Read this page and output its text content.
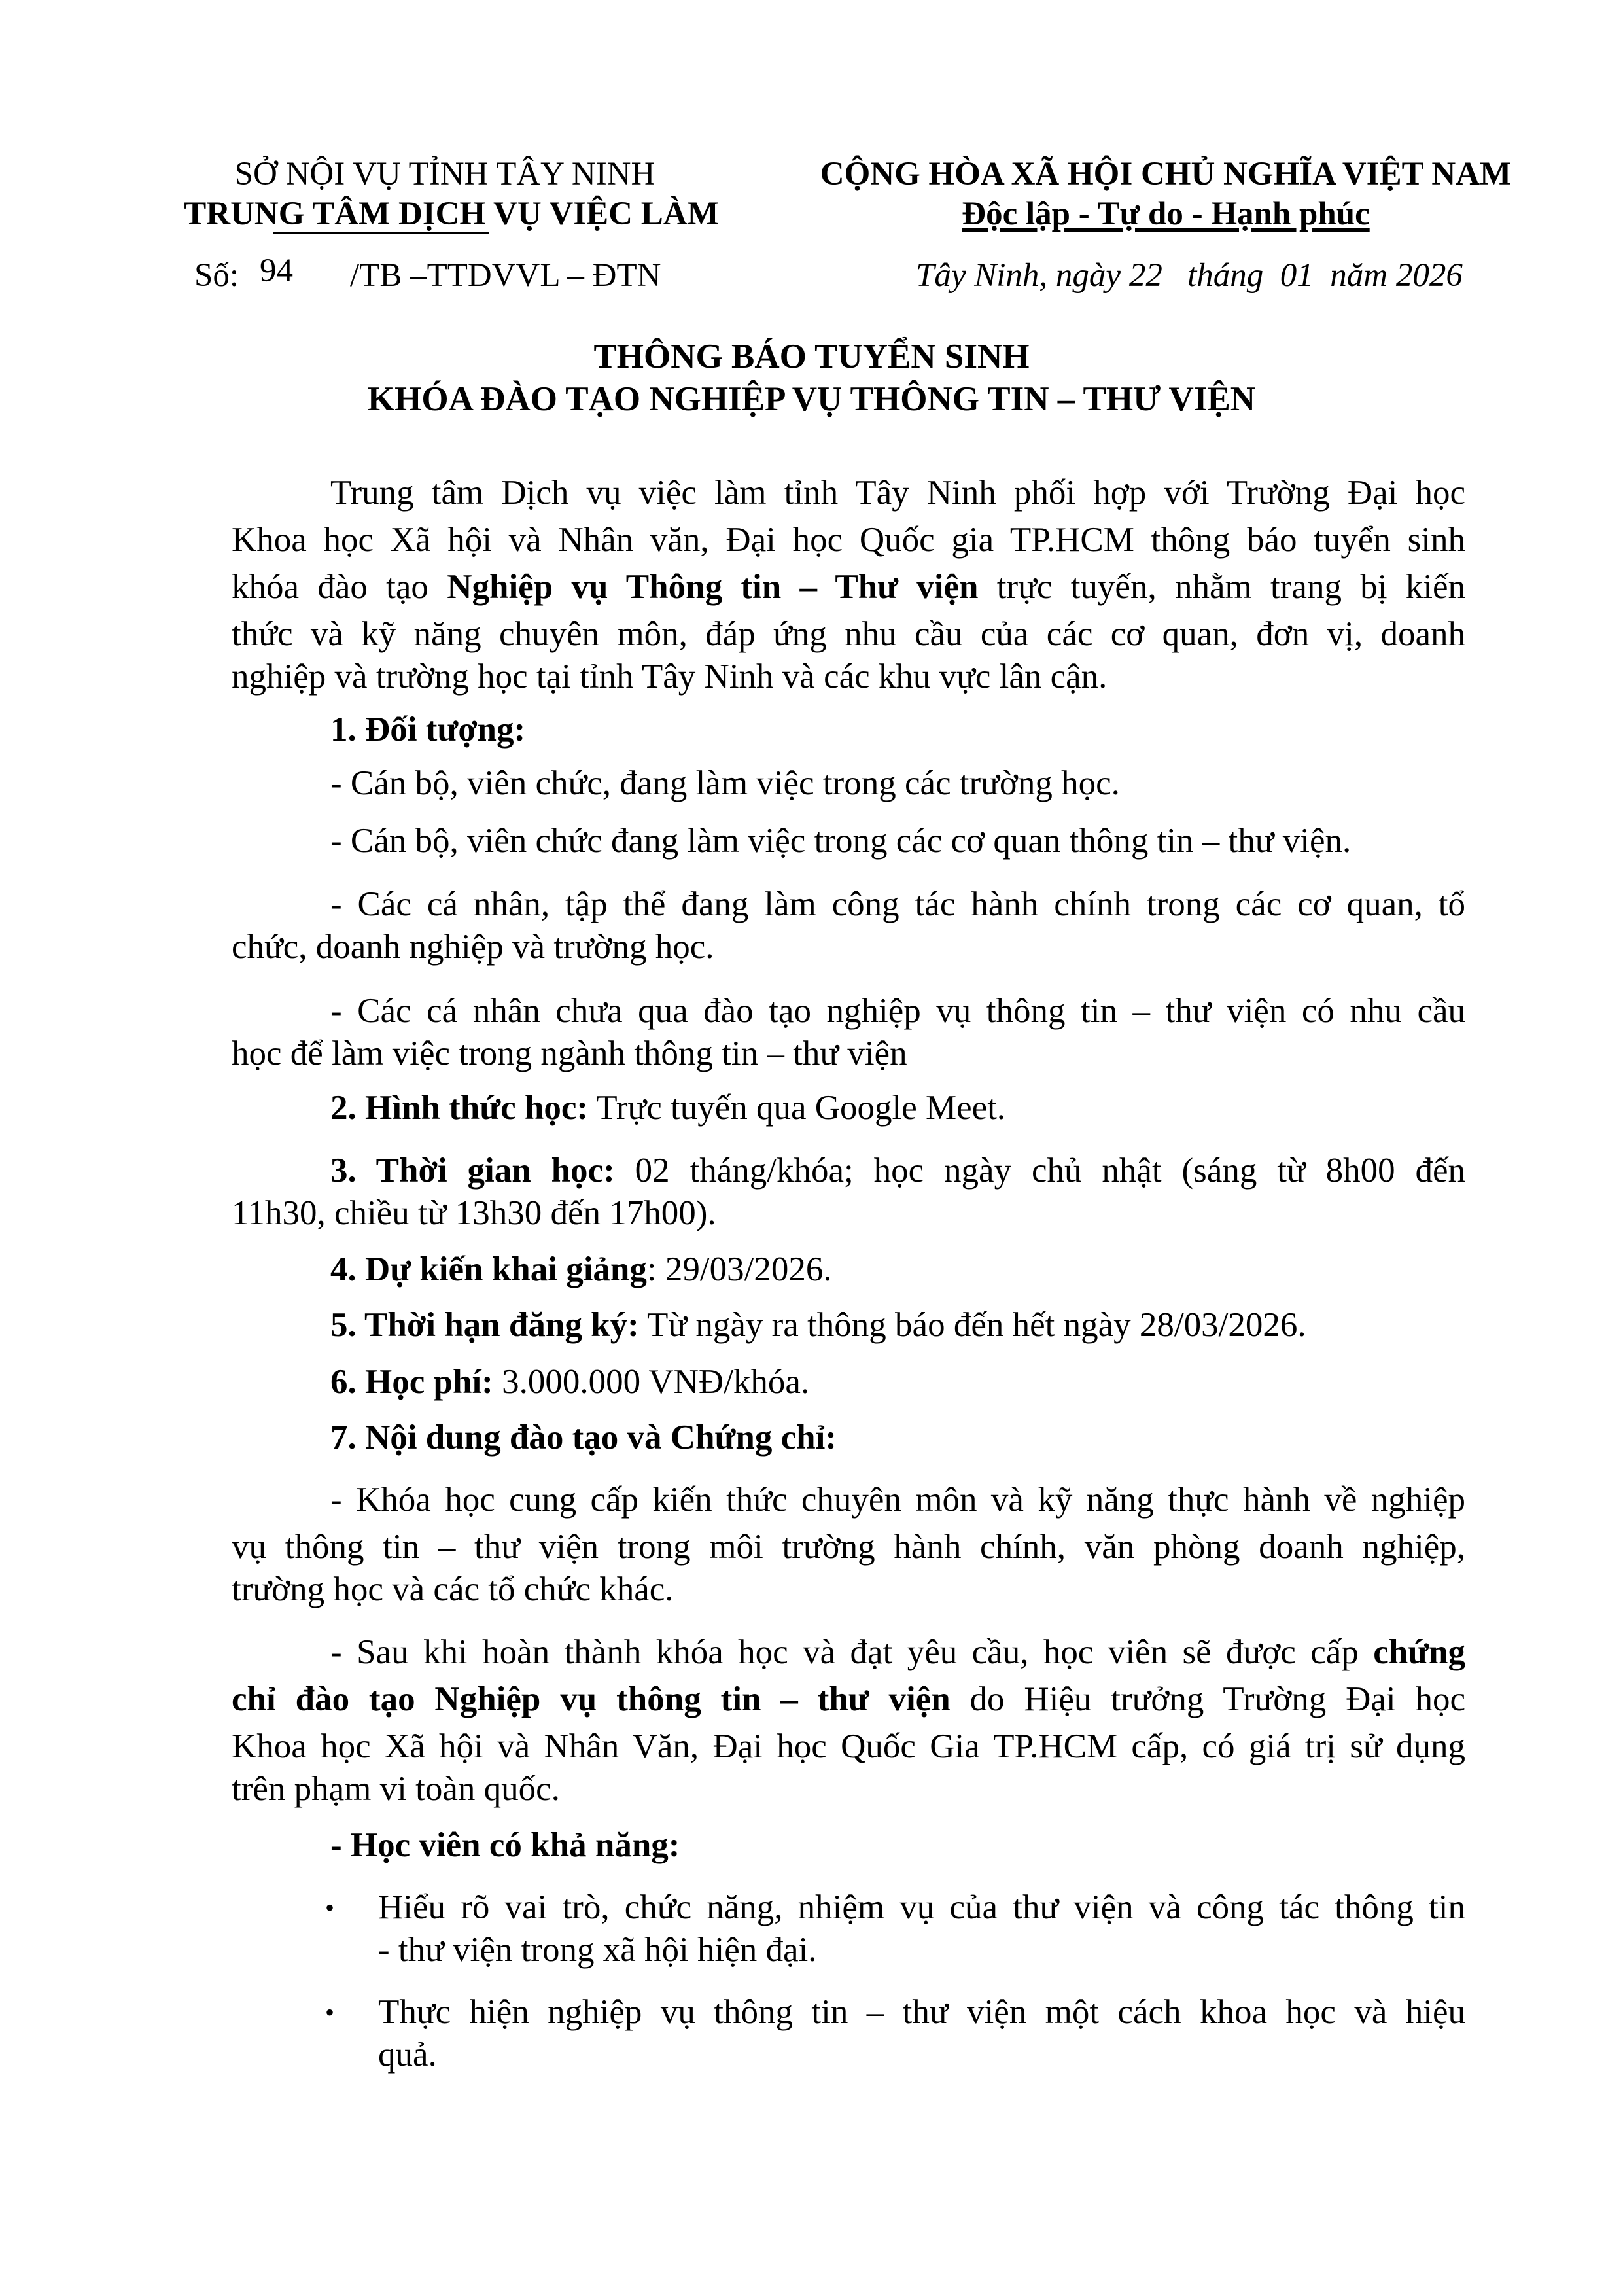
SỞ NỘI VỤ TỈNH TÂY NINH
TRUNG TÂM DỊCH VỤ VIỆC LÀM
CỘNG HÒA XÃ HỘI CHỦ NGHĨA VIỆT NAM
Độc lập - Tự do - Hạnh phúc
Số: 94 /TB –TTDVVL – ĐTN	Tây Ninh, ngày 22   tháng  01  năm 2026
THÔNG BÁO TUYỂN SINH
KHÓA ĐÀO TẠO NGHIỆP VỤ THÔNG TIN – THƯ VIỆN
Trung tâm Dịch vụ việc làm tỉnh Tây Ninh phối hợp với Trường Đại học
Khoa học Xã hội và Nhân văn, Đại học Quốc gia TP.HCM thông báo tuyển sinh
khóa đào tạo Nghiệp vụ Thông tin – Thư viện trực tuyến, nhằm trang bị kiến
thức và kỹ năng chuyên môn, đáp ứng nhu cầu của các cơ quan, đơn vị, doanh
nghiệp và trường học tại tỉnh Tây Ninh và các khu vực lân cận.
1. Đối tượng:
- Cán bộ, viên chức, đang làm việc trong các trường học.
- Cán bộ, viên chức đang làm việc trong các cơ quan thông tin – thư viện.
- Các cá nhân, tập thể đang làm công tác hành chính trong các cơ quan, tổ
chức, doanh nghiệp và trường học.
- Các cá nhân chưa qua đào tạo nghiệp vụ thông tin – thư viện có nhu cầu
học để làm việc trong ngành thông tin – thư viện
2. Hình thức học: Trực tuyến qua Google Meet.
3. Thời gian học: 02 tháng/khóa; học ngày chủ nhật (sáng từ 8h00 đến
11h30, chiều từ 13h30 đến 17h00).
4. Dự kiến khai giảng: 29/03/2026.
5. Thời hạn đăng ký: Từ ngày ra thông báo đến hết ngày 28/03/2026.
6. Học phí: 3.000.000 VNĐ/khóa.
7. Nội dung đào tạo và Chứng chỉ:
- Khóa học cung cấp kiến thức chuyên môn và kỹ năng thực hành về nghiệp
vụ thông tin – thư viện trong môi trường hành chính, văn phòng doanh nghiệp,
trường học và các tổ chức khác.
- Sau khi hoàn thành khóa học và đạt yêu cầu, học viên sẽ được cấp chứng
chỉ đào tạo Nghiệp vụ thông tin – thư viện do Hiệu trưởng Trường Đại học
Khoa học Xã hội và Nhân Văn, Đại học Quốc Gia TP.HCM cấp, có giá trị sử dụng
trên phạm vi toàn quốc.
- Học viên có khả năng:
• Hiểu rõ vai trò, chức năng, nhiệm vụ của thư viện và công tác thông tin
- thư viện trong xã hội hiện đại.
• Thực hiện nghiệp vụ thông tin – thư viện một cách khoa học và hiệu
quả.
